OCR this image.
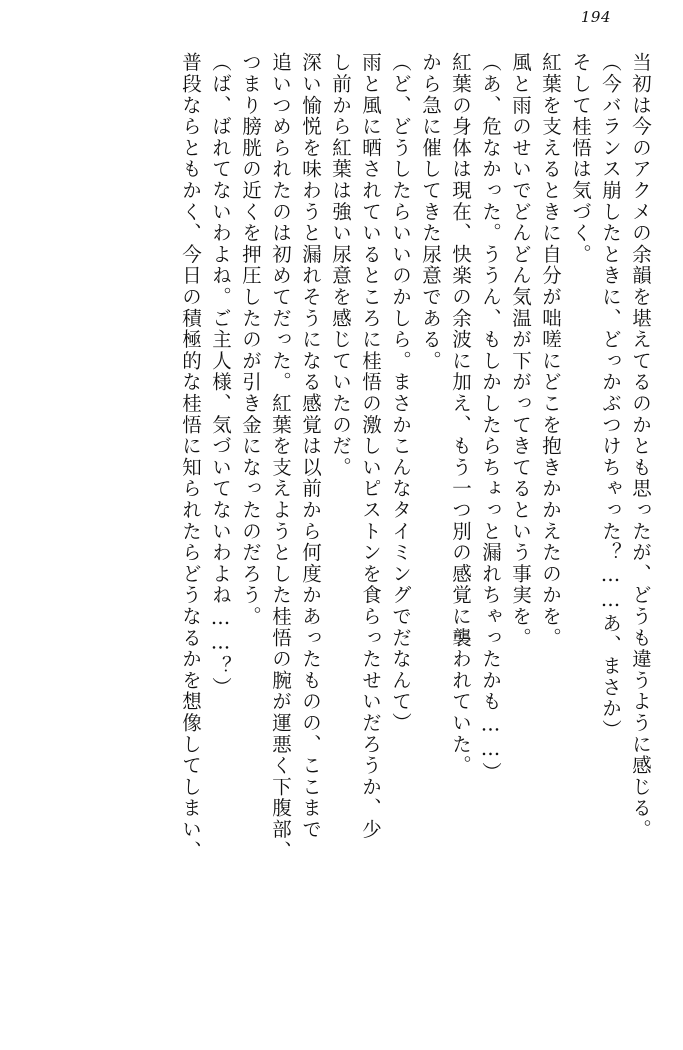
194
当初は今のアクメの余韻を堪えてるのかとも思ったが、どうも違うように感じる。
（今バランス崩したときに、どっかぶつけちゃった？……あ、まさか）
そして桂悟は気づく。
紅葉を支えるときに自分が咄嗟にどこを抱きかかえたのかを。
風と雨のせいでどんどん気温が下がってきてるという事実を。
（あ、危なかった。ううん、もしかしたらちょっと漏れちゃったかも……）
紅葉の身体は現在、快楽の余波に加え、もう一つ別の感覚に襲われていた。
から急に催してきた尿意である。
（ど、どうしたらいいのかしら。まさかこんなタイミングでだなんて）
雨と風に晒されているところに桂悟の激しいピストンを食らったせいだろうか、少
し前から紅葉は強い尿意を感じていたのだ。
深い愉悦を味わうと漏れそうになる感覚は以前から何度かあったものの、ここまで
追いつめられたのは初めてだった。紅葉を支えようとした桂悟の腕が運悪く下腹部、
つまり膀胱の近くを押圧したのが引き金になったのだろう。
（ば、ばれてないわよね。ご主人様、気づいてないわよね……？）
普段ならともかく、今日の積極的な桂悟に知られたらどうなるかを想像してしまい、
